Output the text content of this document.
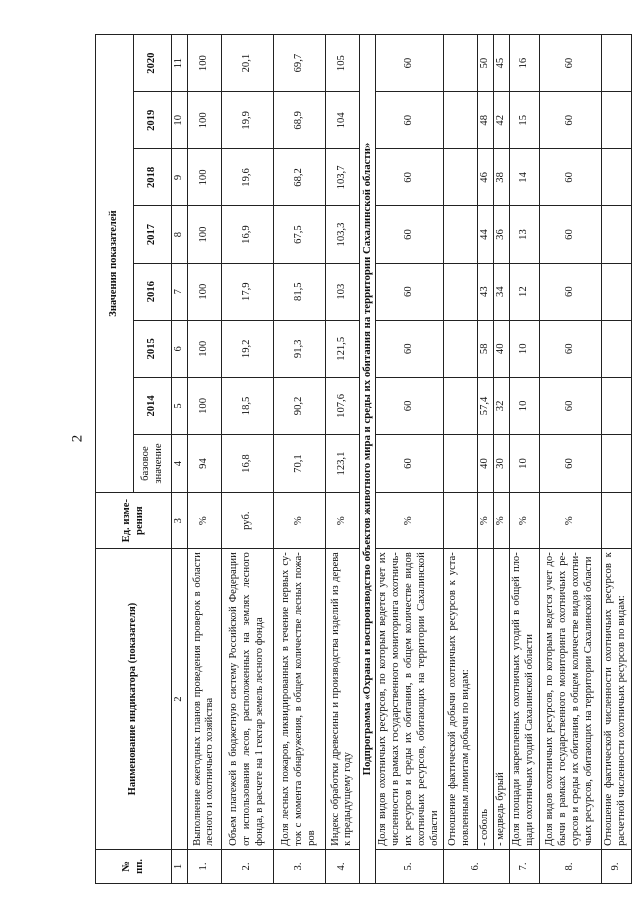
2
№ пп.	Наименование индикатора (показателя)	Ед. изме-рения	Значения показателей							
			базовое значение	2014	2015	2016	2017	2018	2019	2020
1	2	3	4	5	6	7	8	9	10	11
1.	Выполнение ежегодных планов проведения проверок в области лесного и охотничьего хозяйства	%	94	100	100	100	100	100	100	100
2.	Объем платежей в бюджетную систему Российской Федерации от использования лесов, расположенных на землях лесного фонда, в расчете на 1 гектар земель лесного фонда	руб.	16,8	18,5	19,2	17,9	16,9	19,6	19,9	20,1
3.	Доля лесных пожаров, ликвидированных в течение первых су-ток с момента обнаружения, в общем количестве лесных пожа-ров	%	70,1	90,2	91,3	81,5	67,5	68,2	68,9	69,7
4.	Индекс обработки древесины и производства изделий из дерева к предыдущему году	%	123,1	107,6	121,5	103	103,3	103,7	104	105
Подпрограмма «Охрана и воспроизводство объектов животного мира и среды их обитания на территории Сахалинской области»										
5.	Доля видов охотничьих ресурсов, по которым ведется учет их численности в рамках государственного мониторинга охотничь-их ресурсов и среды их обитания, в общем количестве видов охотничьих ресурсов, обитающих на территории Сахалинской области	%	60	60	60	60	60	60	60	60
6.	Отношение фактической добычи охотничьих ресурсов к уста-новленным лимитам добычи по видам:									
	- соболь	%	40	57,4	58	43	44	46	48	50
	- медведь бурый	%	30	32	40	34	36	38	42	45
7.	Доля площади закрепленных охотничьих угодий в общей пло-щади охотничьих угодий Сахалинской области	%	10	10	10	12	13	14	15	16
8.	Доля видов охотничьих ресурсов, по которым ведется учет до-бычи в рамках государственного мониторинга охотничьих ре-сурсов и среды их обитания, в общем количестве видов охотни-чьих ресурсов, обитающих на территории Сахалинской области	%	60	60	60	60	60	60	60	60
9.	Отношение фактической численности охотничьих ресурсов к расчетной численности охотничьих ресурсов по видам:									
